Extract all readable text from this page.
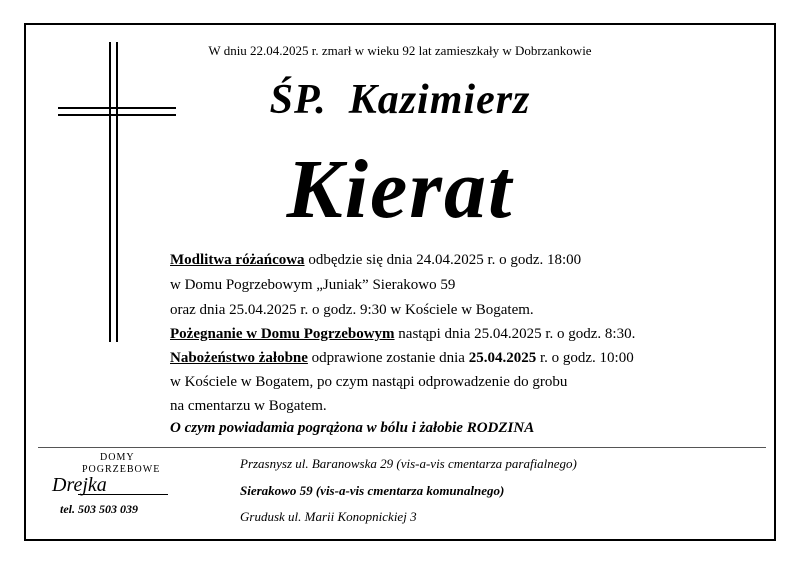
W dniu 22.04.2025 r. zmarł w wieku 92 lat zamieszkały w Dobrzankowie
ŚP. Kazimierz
Kierat
Modlitwa różańcowa odbędzie się dnia 24.04.2025 r. o godz. 18:00
w Domu Pogrzebowym „Juniak” Sierakowo 59
oraz dnia 25.04.2025 r. o godz. 9:30 w Kościele w Bogatem.
Pożegnanie w Domu Pogrzebowym nastąpi dnia 25.04.2025 r. o godz. 8:30.
Nabożeństwo żałobne odprawione zostanie dnia 25.04.2025 r. o godz. 10:00
w Kościele w Bogatem, po czym nastąpi odprowadzenie do grobu
na cmentarzu w Bogatem.
O czym powiadamia pogrążona w bólu i żałobie RODZINA
DOMY
POGRZEBOWE
Drejka
tel. 503 503 039
Przasnysz ul. Baranowska 29 (vis-a-vis cmentarza parafialnego)
Sierakowo 59 (vis-a-vis cmentarza komunalnego)
Grudusk ul. Marii Konopnickiej 3
